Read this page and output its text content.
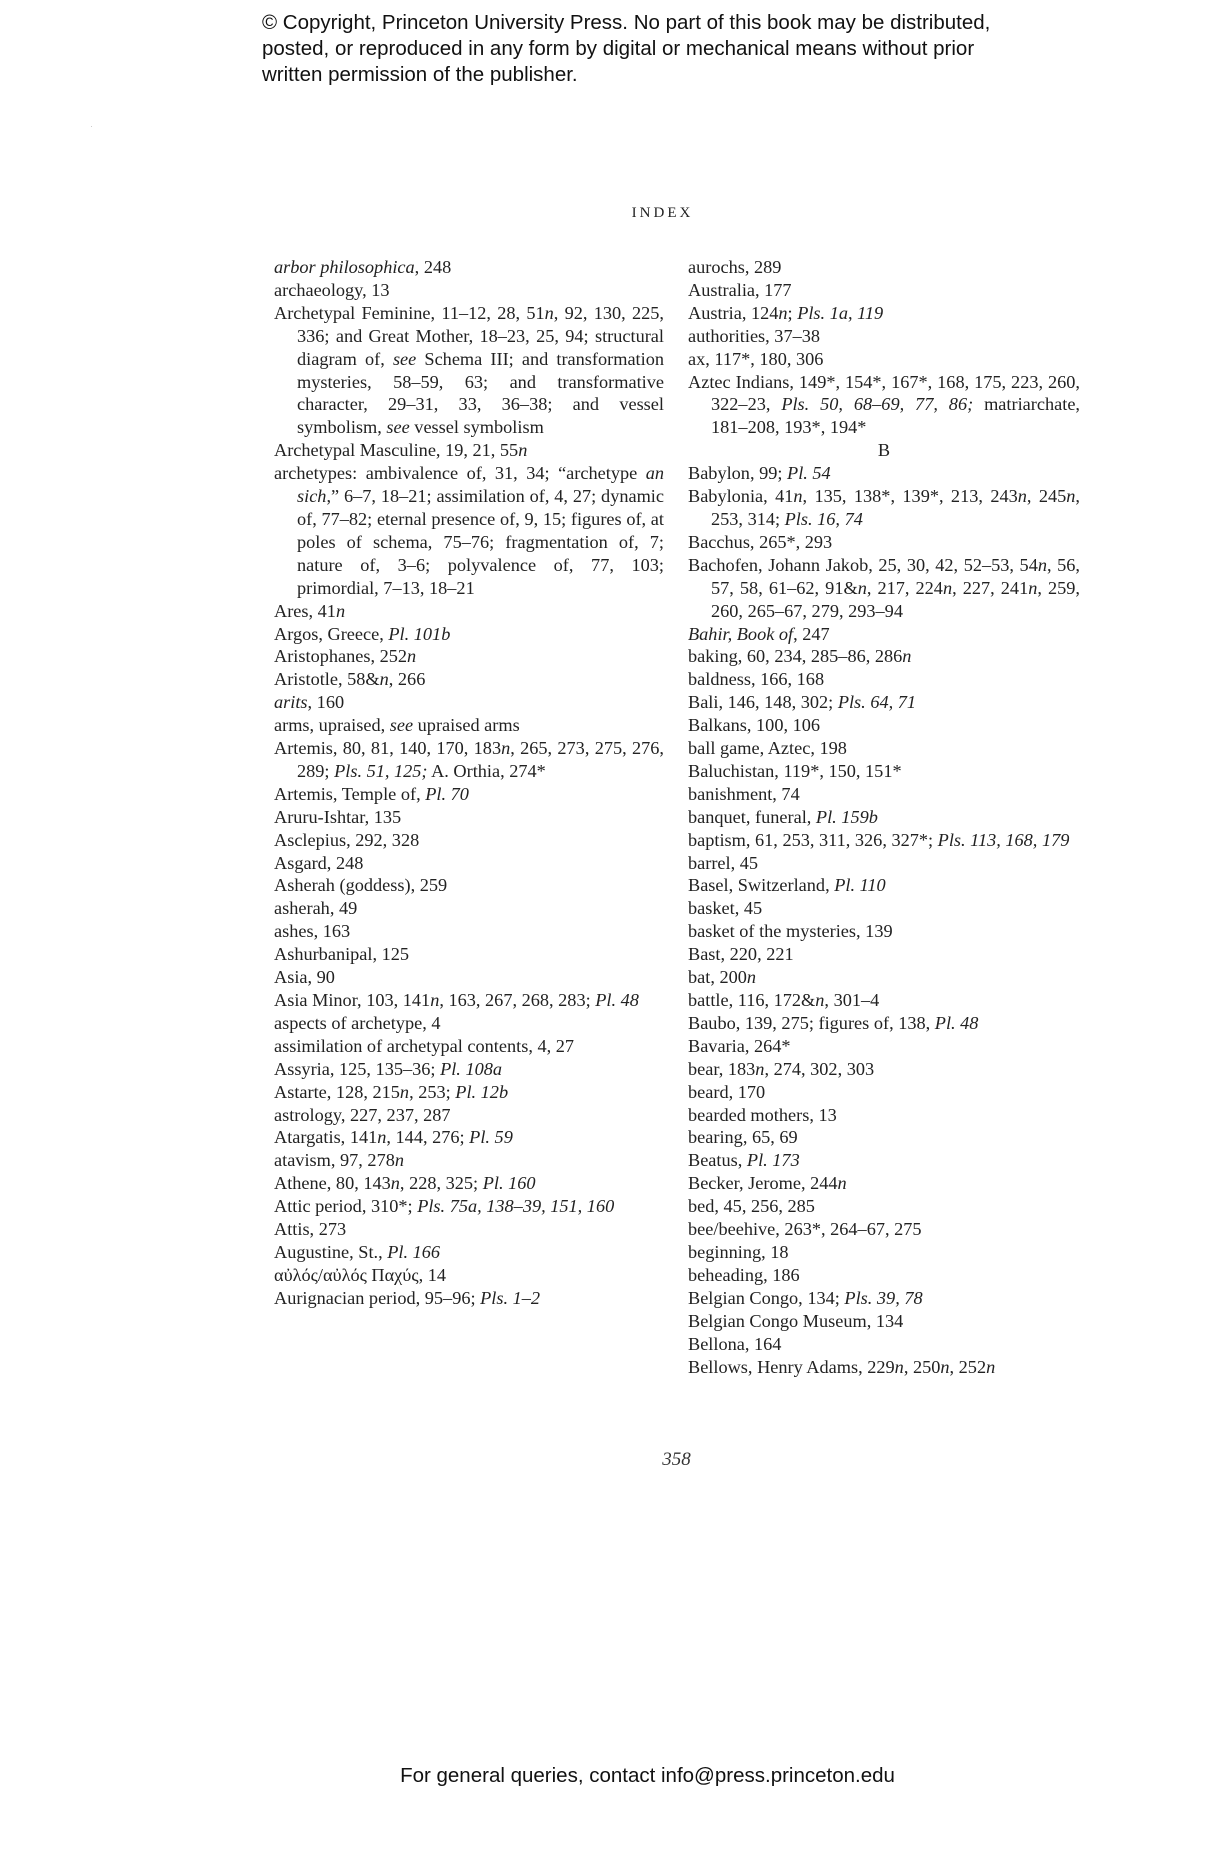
© Copyright, Princeton University Press. No part of this book may be distributed, posted, or reproduced in any form by digital or mechanical means without prior written permission of the publisher.
INDEX
arbor philosophica, 248
archaeology, 13
Archetypal Feminine, 11–12, 28, 51n, 92, 130, 225, 336; and Great Mother, 18–23, 25, 94; structural diagram of, see Schema III; and transformation mysteries, 58–59, 63; and transformative character, 29–31, 33, 36–38; and vessel symbolism, see vessel symbolism
Archetypal Masculine, 19, 21, 55n
archetypes: ambivalence of, 31, 34; “archetype an sich,” 6–7, 18–21; assimilation of, 4, 27; dynamic of, 77–82; eternal presence of, 9, 15; figures of, at poles of schema, 75–76; fragmentation of, 7; nature of, 3–6; polyvalence of, 77, 103; primordial, 7–13, 18–21
Ares, 41n
Argos, Greece, Pl. 101b
Aristophanes, 252n
Aristotle, 58&n, 266
arits, 160
arms, upraised, see upraised arms
Artemis, 80, 81, 140, 170, 183n, 265, 273, 275, 276, 289; Pls. 51, 125; A. Orthia, 274*
Artemis, Temple of, Pl. 70
Aruru-Ishtar, 135
Asclepius, 292, 328
Asgard, 248
Asherah (goddess), 259
asherah, 49
ashes, 163
Ashurbanipal, 125
Asia, 90
Asia Minor, 103, 141n, 163, 267, 268, 283; Pl. 48
aspects of archetype, 4
assimilation of archetypal contents, 4, 27
Assyria, 125, 135–36; Pl. 108a
Astarte, 128, 215n, 253; Pl. 12b
astrology, 227, 237, 287
Atargatis, 141n, 144, 276; Pl. 59
atavism, 97, 278n
Athene, 80, 143n, 228, 325; Pl. 160
Attic period, 310*; Pls. 75a, 138–39, 151, 160
Attis, 273
Augustine, St., Pl. 166
αὐλός/αὐλός Παχύς, 14
Aurignacian period, 95–96; Pls. 1–2
aurochs, 289
Australia, 177
Austria, 124n; Pls. 1a, 119
authorities, 37–38
ax, 117*, 180, 306
Aztec Indians, 149*, 154*, 167*, 168, 175, 223, 260, 322–23, Pls. 50, 68–69, 77, 86; matriarchate, 181–208, 193*, 194*
B
Babylon, 99; Pl. 54
Babylonia, 41n, 135, 138*, 139*, 213, 243n, 245n, 253, 314; Pls. 16, 74
Bacchus, 265*, 293
Bachofen, Johann Jakob, 25, 30, 42, 52–53, 54n, 56, 57, 58, 61–62, 91&n, 217, 224n, 227, 241n, 259, 260, 265–67, 279, 293–94
Bahir, Book of, 247
baking, 60, 234, 285–86, 286n
baldness, 166, 168
Bali, 146, 148, 302; Pls. 64, 71
Balkans, 100, 106
ball game, Aztec, 198
Baluchistan, 119*, 150, 151*
banishment, 74
banquet, funeral, Pl. 159b
baptism, 61, 253, 311, 326, 327*; Pls. 113, 168, 179
barrel, 45
Basel, Switzerland, Pl. 110
basket, 45
basket of the mysteries, 139
Bast, 220, 221
bat, 200n
battle, 116, 172&n, 301–4
Baubo, 139, 275; figures of, 138, Pl. 48
Bavaria, 264*
bear, 183n, 274, 302, 303
beard, 170
bearded mothers, 13
bearing, 65, 69
Beatus, Pl. 173
Becker, Jerome, 244n
bed, 45, 256, 285
bee/beehive, 263*, 264–67, 275
beginning, 18
beheading, 186
Belgian Congo, 134; Pls. 39, 78
Belgian Congo Museum, 134
Bellona, 164
Bellows, Henry Adams, 229n, 250n, 252n
358
For general queries, contact info@press.princeton.edu
